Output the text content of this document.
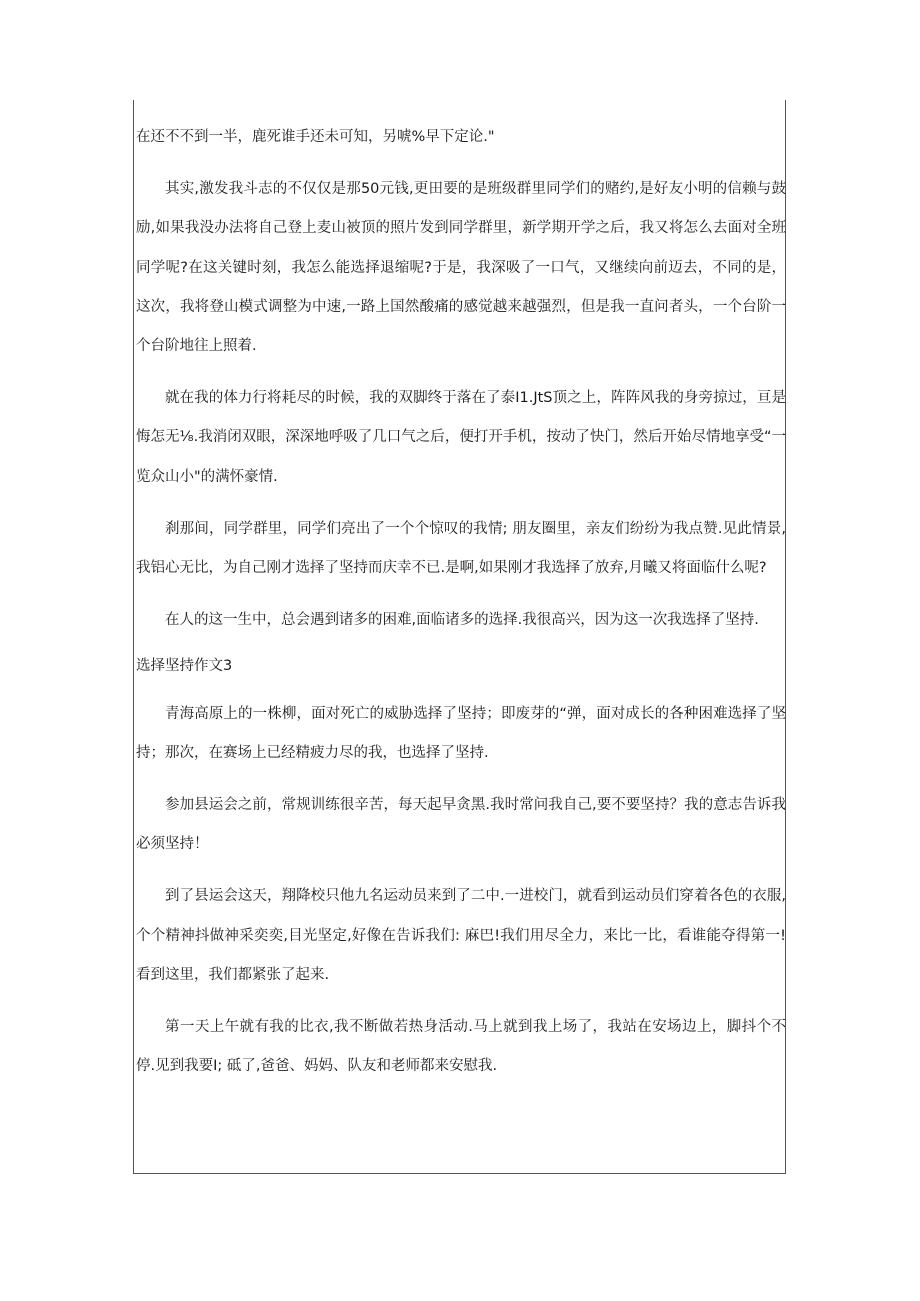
在还不不到一半，鹿死谁手还未可知，另唬%早下定论."

其实,激发我斗志的不仅仅是那50元钱,更田要的是班级群里同学们的赌约,是好友小明的信赖与鼓励,如果我没办法将自己登上麦山被顶的照片发到同学群里，新学期开学之后，我又将怎么去面对全班同学呢?在这关键时刻，我怎么能选择退缩呢?于是，我深吸了一口气，又继续向前迈去，不同的是，这次，我将登山模式调整为中速,一路上国然酸痛的感觉越来越强烈，但是我一直问者头，一个台阶一个台阶地往上照着.

就在我的体力行将耗尽的时候，我的双脚终于落在了泰I1.JtS顶之上，阵阵风我的身旁掠过，亘是悔怎无⅛.我消闭双眼，深深地呼吸了几口气之后，便打开手机，按动了快门，然后开始尽情地享受“一览众山小"的满怀豪情.

刹那间，同学群里，同学们亮出了一个个惊叹的我情; 朋友圈里，亲友们纷纷为我点赞.见此情景,我铝心无比，为自己刚才选择了坚持而庆幸不已.是啊,如果刚才我选择了放弃,月曦又将面临什么呢?

在人的这一生中，总会遇到诸多的困难,面临诸多的选择.我很高兴，因为这一次我选择了坚持.

选择坚持作文3

青海高原上的一株柳，面对死亡的威胁选择了坚持；即废芽的“弹，面对成长的各种困难选择了坚持；那次，在赛场上已经精疲力尽的我，也选择了坚持.

参加县运会之前，常规训练很辛苦，每天起早贪黑.我时常问我自己,要不要坚持？我的意志告诉我必须坚持！

到了县运会这天，翔降校只他九名运动员来到了二中.一进校门，就看到运动员们穿着各色的衣服,个个精神抖做神采奕奕,目光坚定,好像在告诉我们: 麻巴!我们用尽全力，来比一比，看谁能夺得第一!看到这里，我们都紧张了起来.

第一天上午就有我的比衣,我不断做若热身活动.马上就到我上场了，我站在安场边上，脚抖个不停.见到我要I; 砥了,爸爸、妈妈、队友和老师都来安慰我.
